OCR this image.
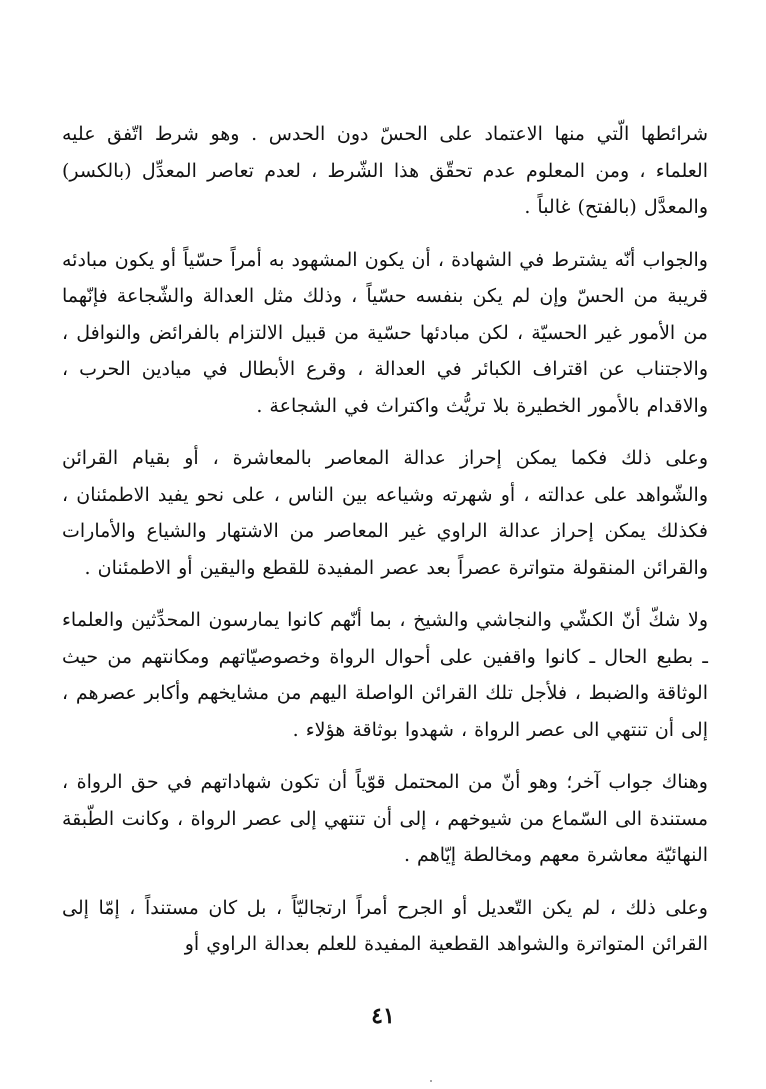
شرائطها الّتي منها الاعتماد على الحسّ دون الحدس . وهو شرط اتّفق عليه العلماء ، ومن المعلوم عدم تحقّق هذا الشّرط ، لعدم تعاصر المعدِّل (بالكسر) والمعدَّل (بالفتح) غالباً .

والجواب أنّه يشترط في الشهادة ، أن يكون المشهود به أمراً حسّياً أو يكون مبادئه قريبة من الحسّ وإن لم يكن بنفسه حسّياً ، وذلك مثل العدالة والشّجاعة فإنّهما من الأمور غير الحسيّة ، لكن مبادئها حسّية من قبيل الالتزام بالفرائض والنوافل ، والاجتناب عن اقتراف الكبائر في العدالة ، وقرع الأبطال في ميادين الحرب ، والاقدام بالأمور الخطيرة بلا تريُّث واكتراث في الشجاعة .

وعلى ذلك فكما يمكن إحراز عدالة المعاصر بالمعاشرة ، أو بقيام القرائن والشّواهد على عدالته ، أو شهرته وشياعه بين الناس ، على نحو يفيد الاطمئنان ، فكذلك يمكن إحراز عدالة الراوي غير المعاصر من الاشتهار والشياع والأمارات والقرائن المنقولة متواترة عصراً بعد عصر المفيدة للقطع واليقين أو الاطمئنان .

ولا شكّ أنّ الكشّي والنجاشي والشيخ ، بما أنّهم كانوا يمارسون المحدِّثين والعلماء ـ بطبع الحال ـ كانوا واقفين على أحوال الرواة وخصوصيّاتهم ومكانتهم من حيث الوثاقة والضبط ، فلأجل تلك القرائن الواصلة اليهم من مشايخهم وأكابر عصرهم ، إلى أن تنتهي الى عصر الرواة ، شهدوا بوثاقة هؤلاء .

وهناك جواب آخر؛ وهو أنّ من المحتمل قوّياً أن تكون شهاداتهم في حق الرواة ، مستندة الى السّماع من شيوخهم ، إلى أن تنتهي إلى عصر الرواة ، وكانت الطّبقة النهائيّة معاشرة معهم ومخالطة إيّاهم .

وعلى ذلك ، لم يكن التّعديل أو الجرح أمراً ارتجاليّاً ، بل كان مستنداً ، إمّا إلى القرائن المتواترة والشواهد القطعية المفيدة للعلم بعدالة الراوي أو

٤١
